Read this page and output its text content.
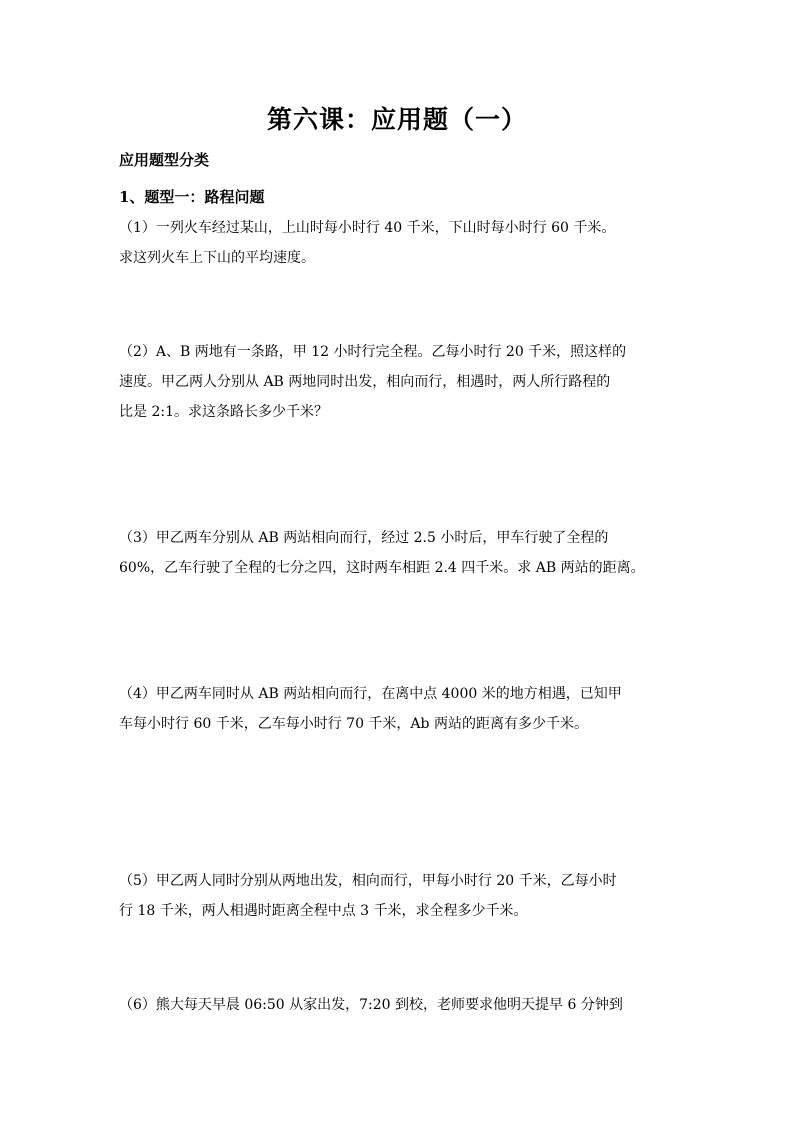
第六课：应用题（一）
应用题型分类
1、题型一：路程问题
（1）一列火车经过某山，上山时每小时行 40 千米，下山时每小时行 60 千米。
求这列火车上下山的平均速度。
（2）A、B 两地有一条路，甲 12 小时行完全程。乙每小时行 20 千米，照这样的
速度。甲乙两人分别从 AB 两地同时出发，相向而行，相遇时，两人所行路程的
比是 2:1。求这条路长多少千米？
（3）甲乙两车分别从 AB 两站相向而行，经过 2.5 小时后，甲车行驶了全程的
60%，乙车行驶了全程的七分之四，这时两车相距 2.4 四千米。求 AB 两站的距离。
（4）甲乙两车同时从 AB 两站相向而行，在离中点 4000 米的地方相遇，已知甲
车每小时行 60 千米，乙车每小时行 70 千米，Ab 两站的距离有多少千米。
（5）甲乙两人同时分别从两地出发，相向而行，甲每小时行 20 千米，乙每小时
行 18 千米，两人相遇时距离全程中点 3 千米，求全程多少千米。
（6）熊大每天早晨 06:50 从家出发，7:20 到校，老师要求他明天提早 6 分钟到
